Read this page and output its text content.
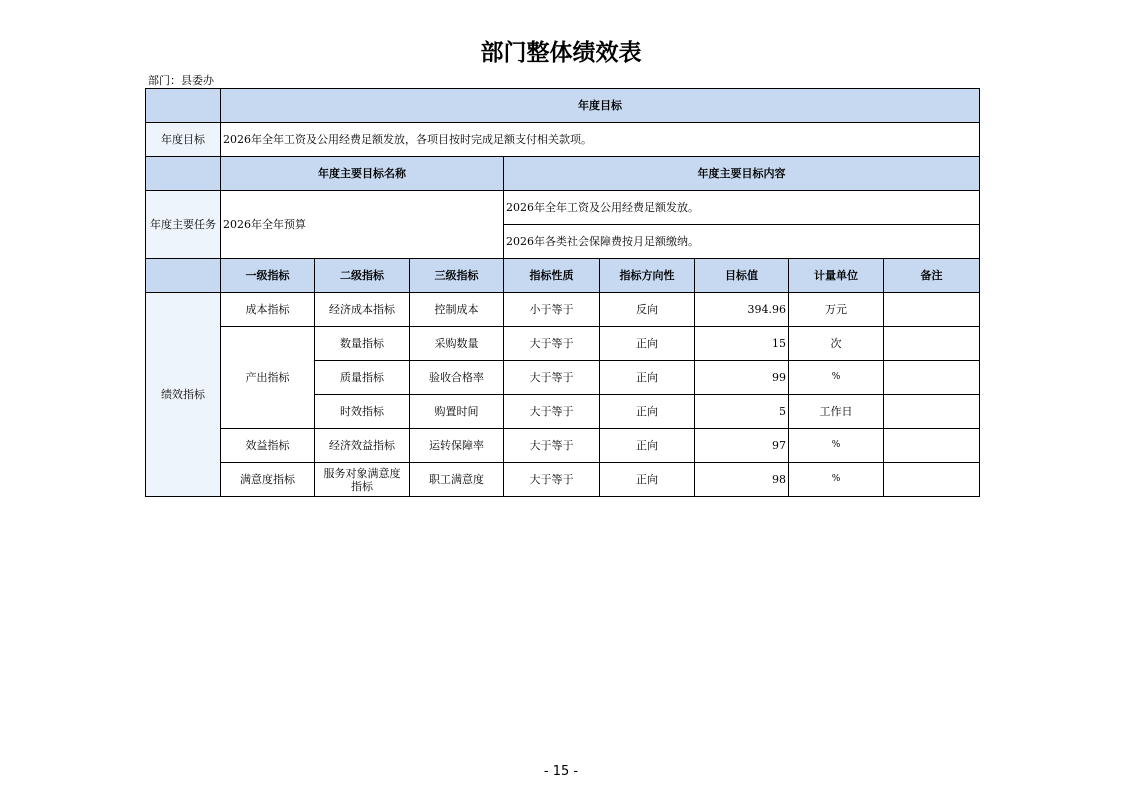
部门整体绩效表
部门：县委办
	年度目标							
年度目标	2026年全年工资及公用经费足额发放，各项目按时完成足额支付相关款项。							
	年度主要目标名称			年度主要目标内容				
年度主要任务	2026年全年预算			2026年全年工资及公用经费足额发放。				
				2026年各类社会保障费按月足额缴纳。				
	一级指标	二级指标	三级指标	指标性质	指标方向性	目标值	计量单位	备注
绩效指标	成本指标	经济成本指标	控制成本	小于等于	反向	394.96	万元	
	产出指标	数量指标	采购数量	大于等于	正向	15	次	
		质量指标	验收合格率	大于等于	正向	99	%	
		时效指标	购置时间	大于等于	正向	5	工作日	
	效益指标	经济效益指标	运转保障率	大于等于	正向	97	%	
	满意度指标	服务对象满意度指标	职工满意度	大于等于	正向	98	%	
- 15 -
